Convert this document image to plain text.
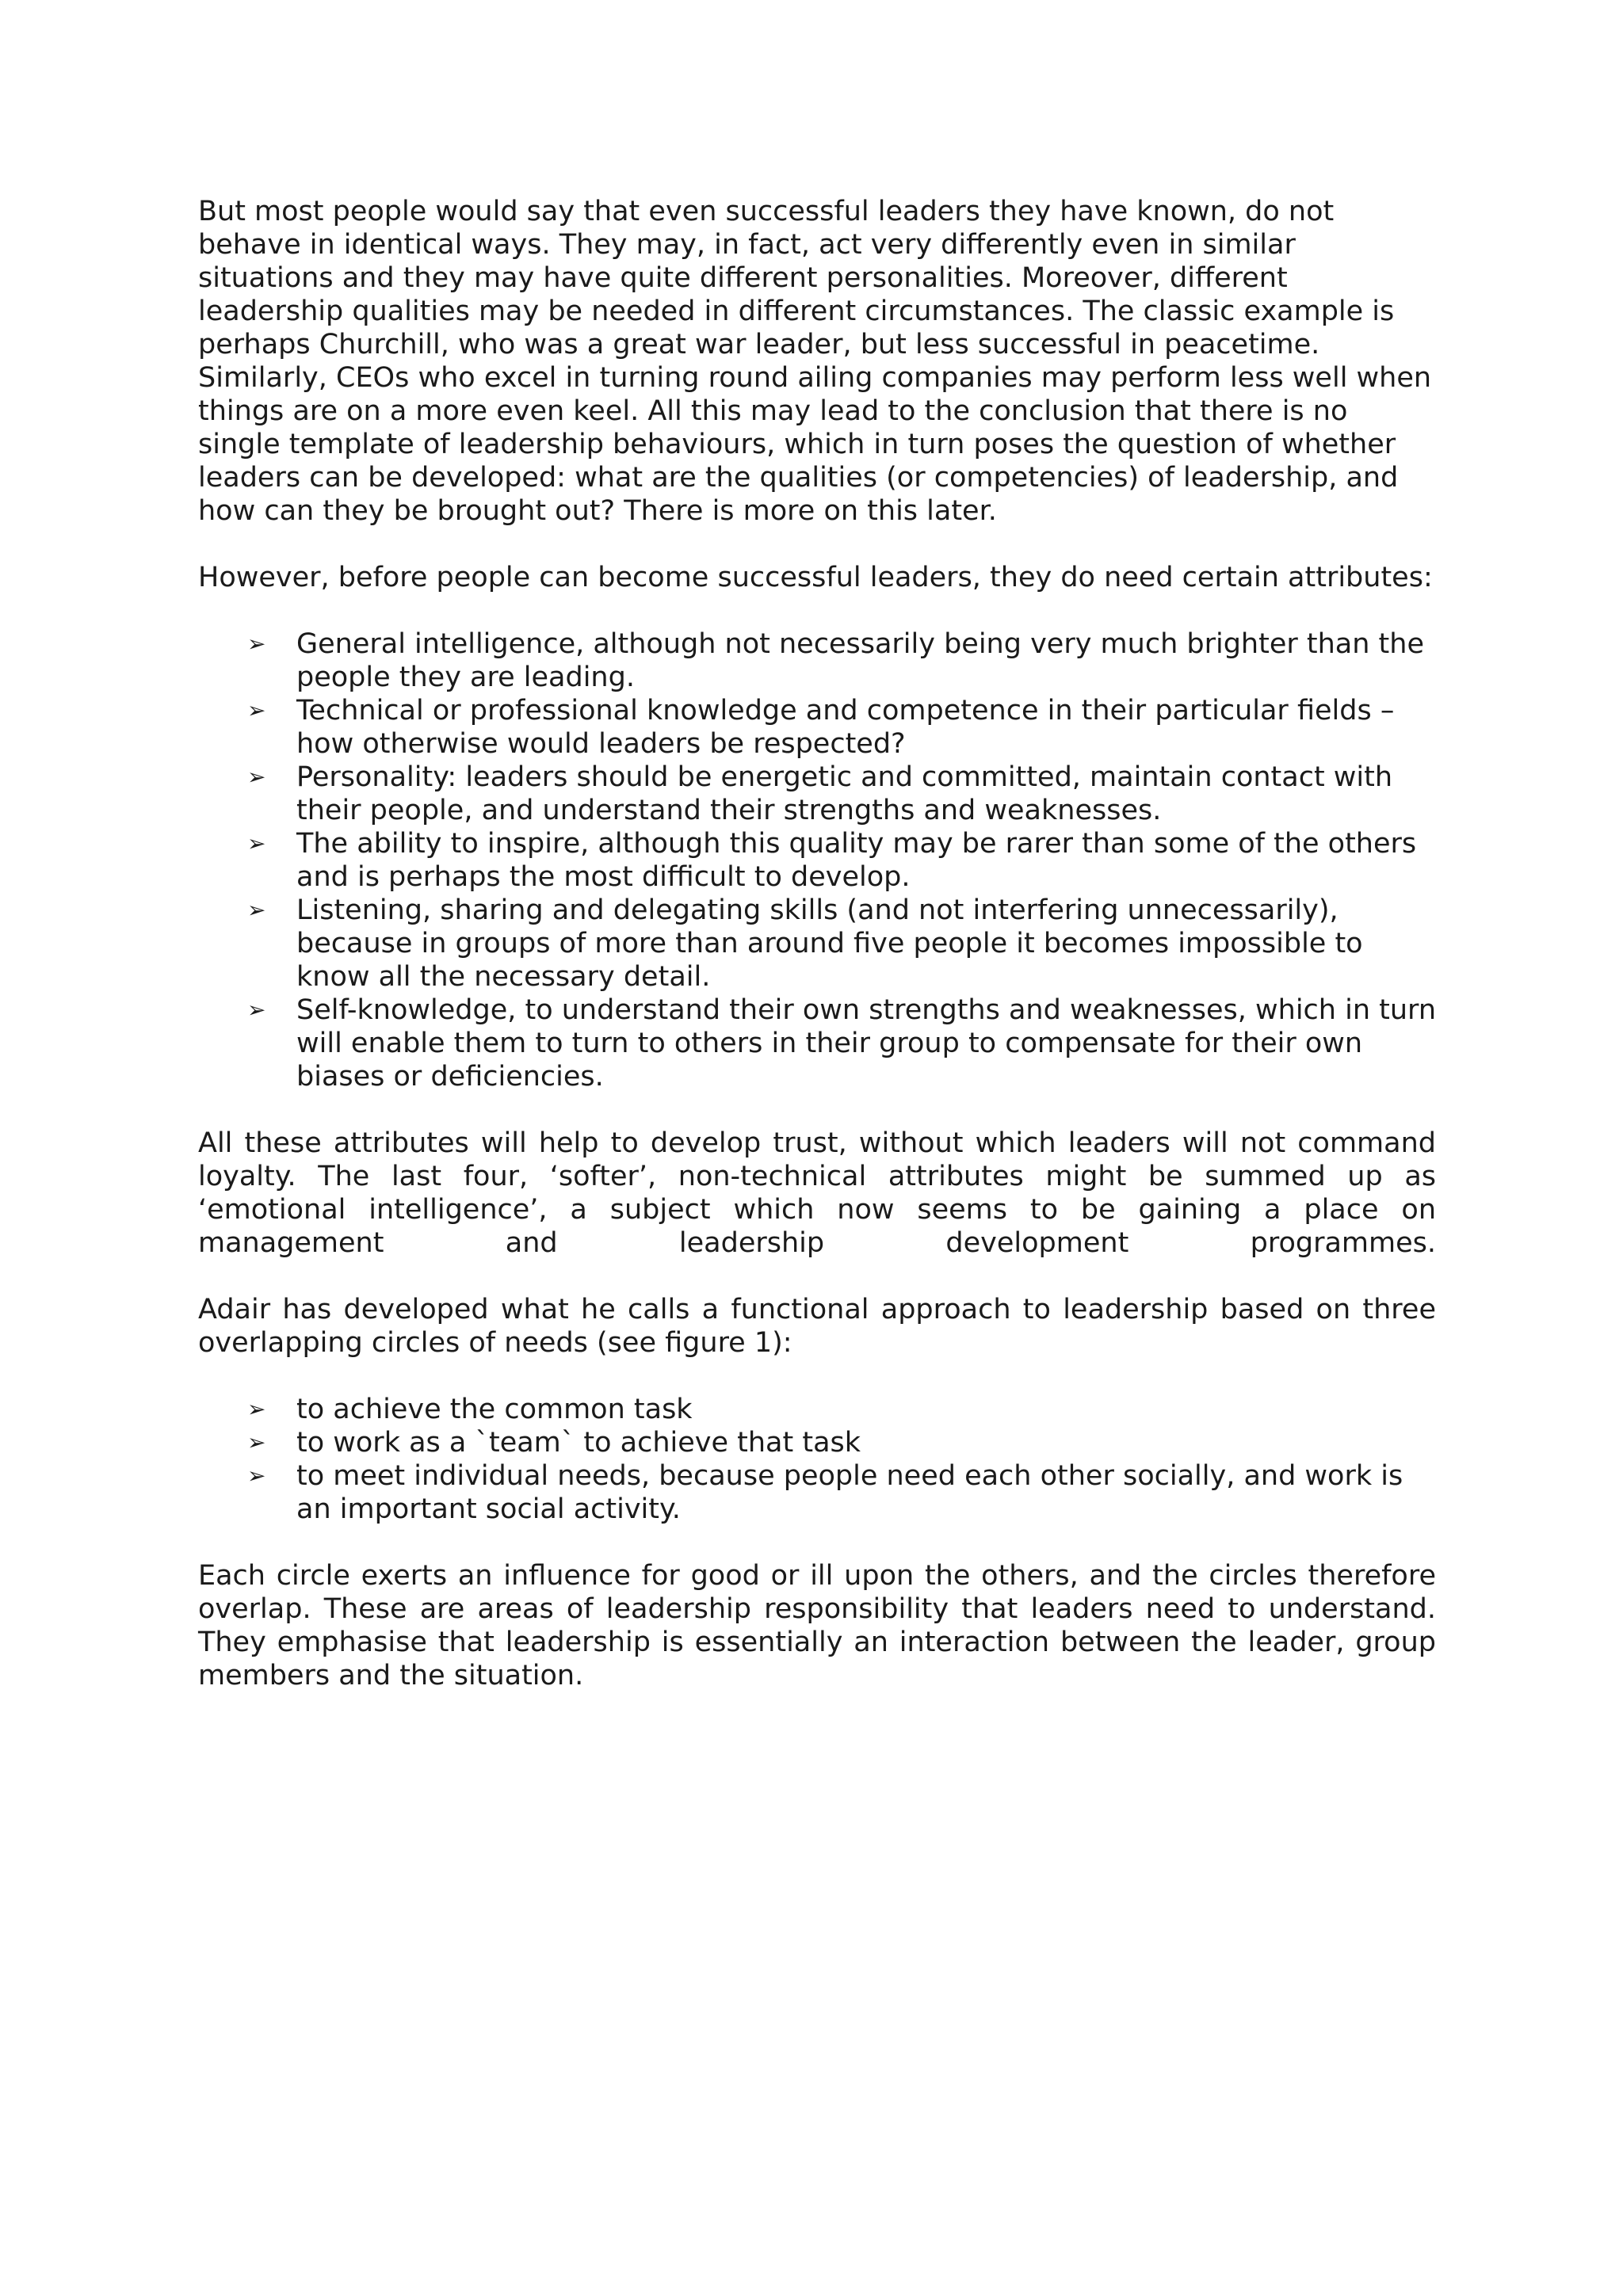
But most people would say that even successful leaders they have known, do not behave in identical ways. They may, in fact, act very differently even in similar situations and they may have quite different personalities. Moreover, different leadership qualities may be needed in different circumstances. The classic example is perhaps Churchill, who was a great war leader, but less successful in peacetime. Similarly, CEOs who excel in turning round ailing companies may perform less well when things are on a more even keel. All this may lead to the conclusion that there is no single template of leadership behaviours, which in turn poses the question of whether leaders can be developed: what are the qualities (or competencies) of leadership, and how can they be brought out? There is more on this later.

However, before people can become successful leaders, they do need certain attributes:

➢ General intelligence, although not necessarily being very much brighter than the people they are leading.
➢ Technical or professional knowledge and competence in their particular fields – how otherwise would leaders be respected?
➢ Personality: leaders should be energetic and committed, maintain contact with their people, and understand their strengths and weaknesses.
➢ The ability to inspire, although this quality may be rarer than some of the others and is perhaps the most difficult to develop.
➢ Listening, sharing and delegating skills (and not interfering unnecessarily), because in groups of more than around five people it becomes impossible to know all the necessary detail.
➢ Self-knowledge, to understand their own strengths and weaknesses, which in turn will enable them to turn to others in their group to compensate for their own biases or deficiencies.

All these attributes will help to develop trust, without which leaders will not command loyalty. The last four, ‘softer’, non-technical attributes might be summed up as ‘emotional intelligence’, a subject which now seems to be gaining a place on management and leadership development programmes.

Adair has developed what he calls a functional approach to leadership based on three overlapping circles of needs (see figure 1):

➢ to achieve the common task
➢ to work as a `team` to achieve that task
➢ to meet individual needs, because people need each other socially, and work is an important social activity.

Each circle exerts an influence for good or ill upon the others, and the circles therefore overlap. These are areas of leadership responsibility that leaders need to understand. They emphasise that leadership is essentially an interaction between the leader, group members and the situation.
